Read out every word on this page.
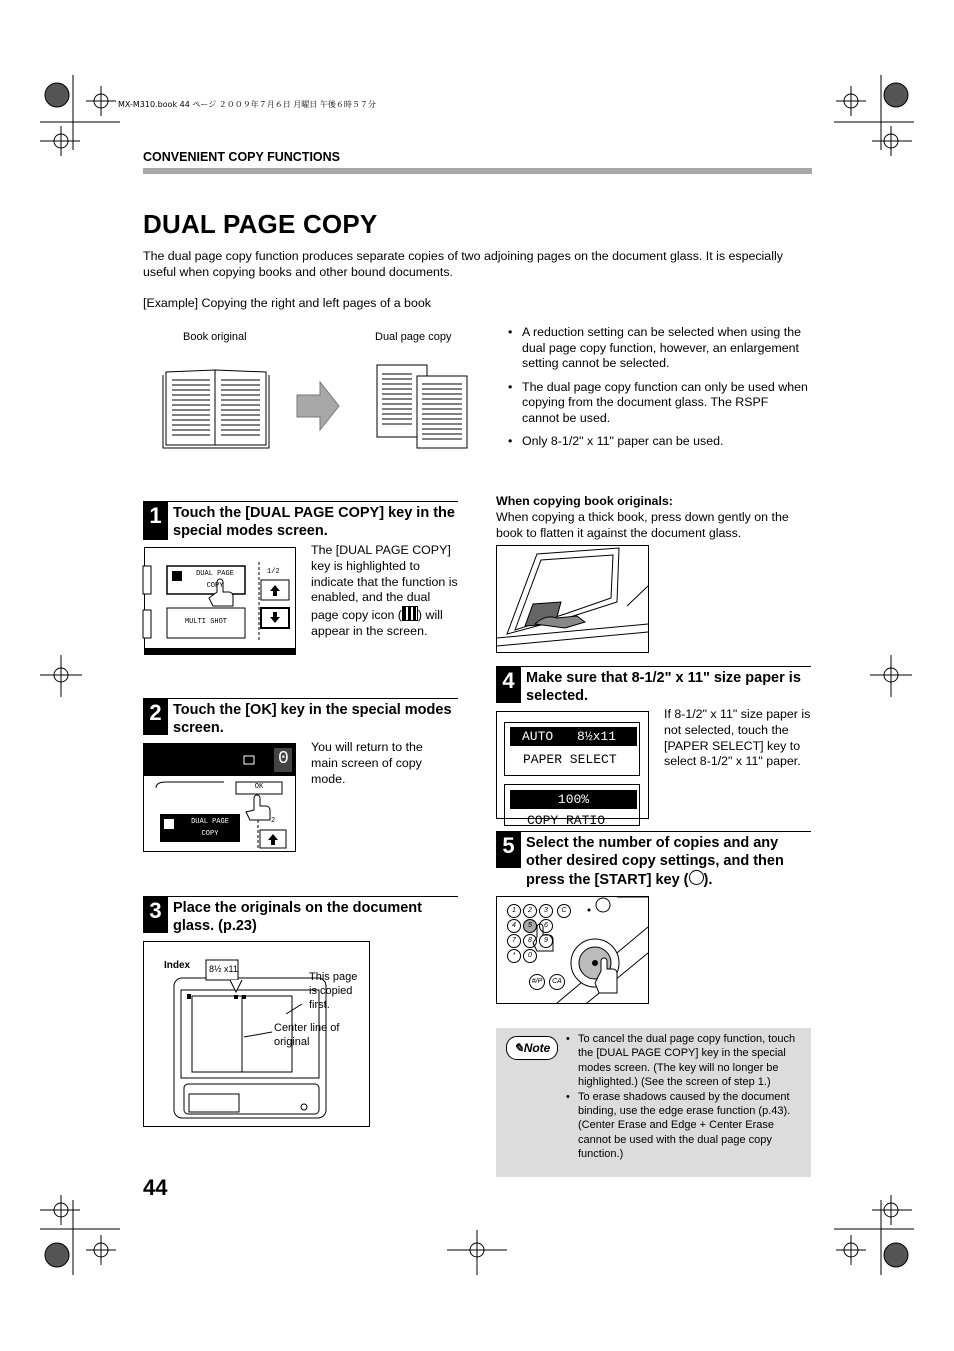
MX-M310.book 44 ページ ２００９年７月６日 月曜日 午後６時５７分
CONVENIENT COPY FUNCTIONS
DUAL PAGE COPY
The dual page copy function produces separate copies of two adjoining pages on the document glass. It is especially useful when copying books and other bound documents.
[Example] Copying the right and left pages of a book
Book original	Dual page copy
•	A reduction setting can be selected when using the dual page copy function, however, an enlargement setting cannot be selected.
• The dual page copy function can only be used when copying from the document glass. The RSPF cannot be used.
• Only 8-1/2" x 11" paper can be used.
1 Touch the [DUAL PAGE COPY] key in the special modes screen.
DUAL PAGE
COPY
MULTI SHOT
1/2
The [DUAL PAGE COPY] key is highlighted to indicate that the function is enabled, and the dual page copy icon ( ) will appear in the screen.
2 Touch the [OK] key in the special modes screen.
0
OK
DUAL PAGE
COPY
2
You will return to the main screen of copy mode.
3 Place the originals on the document glass. (p.23)
Index 8½ x11
This page is copied first.
Center line of original
When copying book originals:
When copying a thick book, press down gently on the book to flatten it against the document glass.
4 Make sure that 8-1/2" x 11" size paper is selected.
AUTO 8½x11
PAPER SELECT
100%
COPY RATIO
If 8-1/2" x 11" size paper is not selected, touch the [PAPER SELECT] key to select 8-1/2" x 11" paper.
5 Select the number of copies and any other desired copy settings, and then press the [START] key ( ).
1	2	3	C
4	5	6
7	8	9
*	0
#/P	CA
✎Note
• To cancel the dual page copy function, touch the [DUAL PAGE COPY] key in the special modes screen. (The key will no longer be highlighted.) (See the screen of step 1.)
• To erase shadows caused by the document binding, use the edge erase function (p.43). (Center Erase and Edge + Center Erase cannot be used with the dual page copy function.)
44
